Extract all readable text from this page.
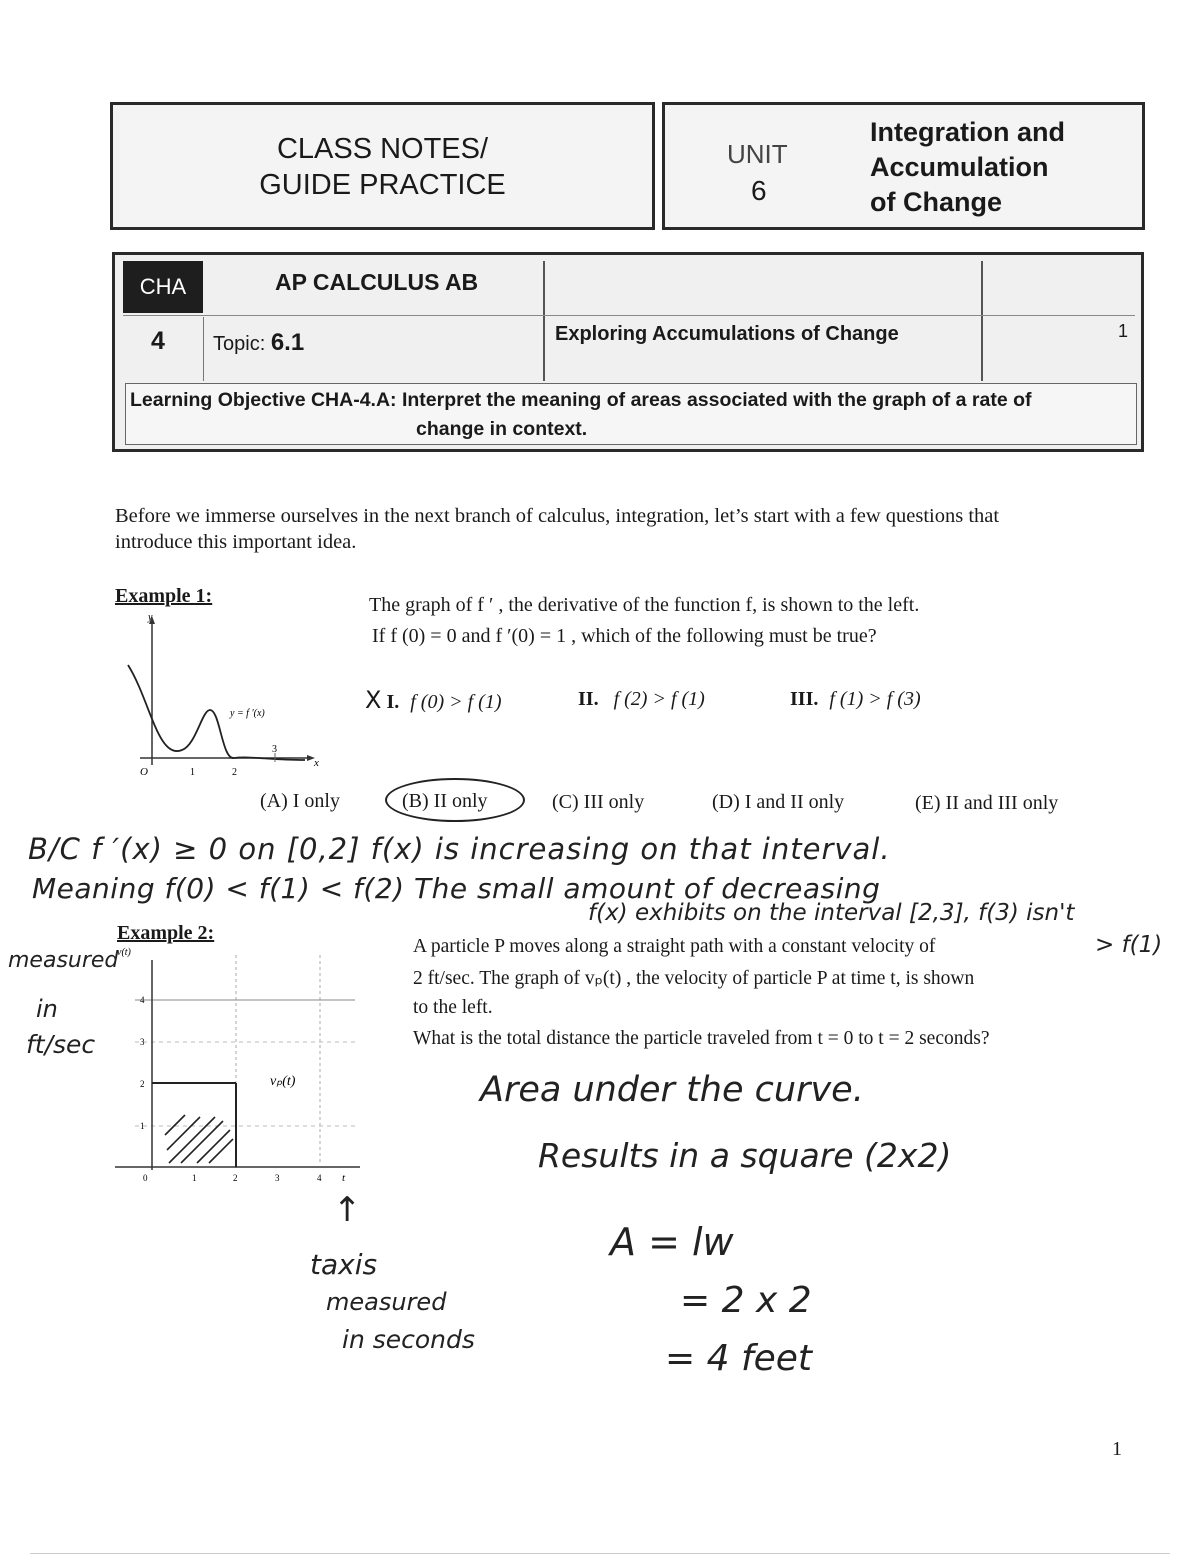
CLASS NOTES/
GUIDE PRACTICE
UNIT
6
Integration and
Accumulation
of Change
CHA	AP CALCULUS AB
4 Topic: 6.1	Exploring Accumulations of Change	1
Learning Objective CHA-4.A: Interpret the meaning of areas associated with the graph of a rate of
change in context.
Before we immerse ourselves in the next branch of calculus, integration, let’s start with a few questions that
introduce this important idea.
Example 1:
y
x
y = f ′(x)
O	1	2
3
The graph of f ′ , the derivative of the function f, is shown to the left.
If f (0) = 0 and f ′(0) = 1 , which of the following must be true?
X I. f (0) > f (1)	II. f (2) > f (1)	III. f (1) > f (3)
(A) I only	(B) II only	(C) III only	(D) I and II only	(E) II and III only
B/C f ′(x) ≥ 0 on [0,2] f(x) is increasing on that interval.
Meaning f(0) < f(1) < f(2) The small amount of decreasing
f(x) exhibits on the interval [2,3], f(3) isn't
> f(1)
Example 2:
measured
in
ft/sec
v(t)
t
vₚ(t)
0	1	2	3	4
1
2
3
4
A particle P moves along a straight path with a constant velocity of
2 ft/sec. The graph of vₚ(t) , the velocity of particle P at time t, is shown
to the left.
What is the total distance the particle traveled from t = 0 to t = 2 seconds?
↑
taxis
measured
in seconds
Area under the curve.
Results in a square (2x2)
A = lw
= 2 x 2
= 4 feet
1
